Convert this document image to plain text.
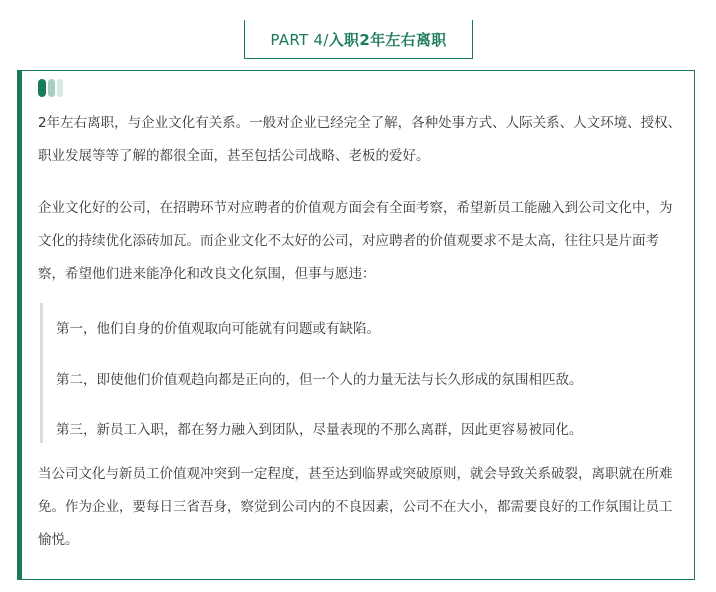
PART 4/入职2年左右离职

2年左右离职，与企业文化有关系。一般对企业已经完全了解，各种处事方式、人际关系、人文环境、授权、职业发展等等了解的都很全面，甚至包括公司战略、老板的爱好。

企业文化好的公司，在招聘环节对应聘者的价值观方面会有全面考察，希望新员工能融入到公司文化中，为文化的持续优化添砖加瓦。而企业文化不太好的公司，对应聘者的价值观要求不是太高，往往只是片面考察，希望他们进来能净化和改良文化氛围，但事与愿违：

第一，他们自身的价值观取向可能就有问题或有缺陷。
第二，即使他们价值观趋向都是正向的，但一个人的力量无法与长久形成的氛围相匹敌。
第三，新员工入职，都在努力融入到团队，尽量表现的不那么离群，因此更容易被同化。

当公司文化与新员工价值观冲突到一定程度，甚至达到临界或突破原则，就会导致关系破裂，离职就在所难免。作为企业，要每日三省吾身，察觉到公司内的不良因素，公司不在大小，都需要良好的工作氛围让员工愉悦。
